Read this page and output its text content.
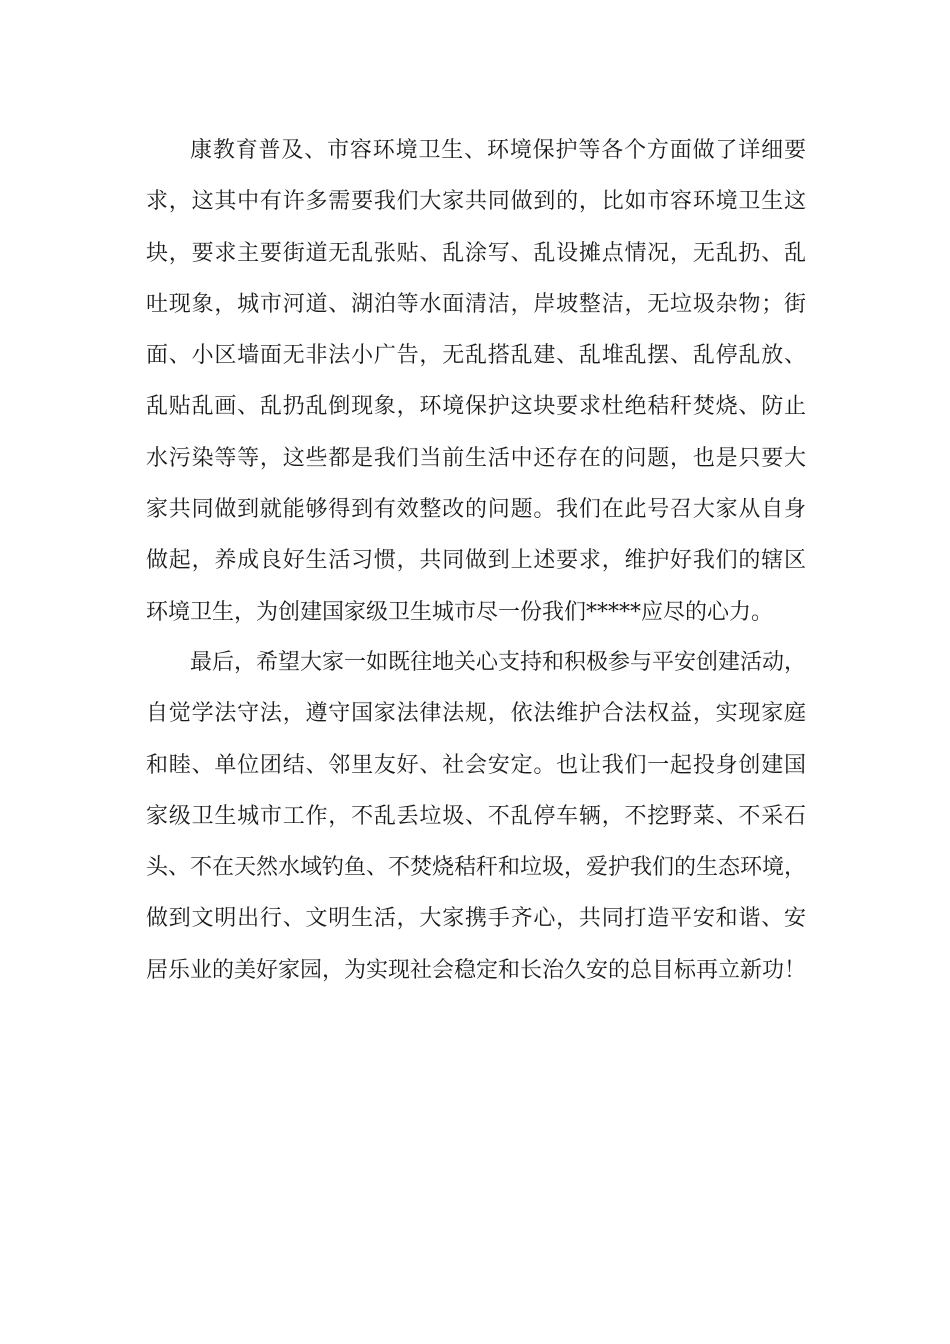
康教育普及、市容环境卫生、环境保护等各个方面做了详细要
求，这其中有许多需要我们大家共同做到的，比如市容环境卫生这
块，要求主要街道无乱张贴、乱涂写、乱设摊点情况，无乱扔、乱
吐现象，城市河道、湖泊等水面清洁，岸坡整洁，无垃圾杂物；街
面、小区墙面无非法小广告，无乱搭乱建、乱堆乱摆、乱停乱放、
乱贴乱画、乱扔乱倒现象，环境保护这块要求杜绝秸秆焚烧、防止
水污染等等，这些都是我们当前生活中还存在的问题，也是只要大
家共同做到就能够得到有效整改的问题。我们在此号召大家从自身
做起，养成良好生活习惯，共同做到上述要求，维护好我们的辖区
环境卫生，为创建国家级卫生城市尽一份我们*****应尽的心力。

最后，希望大家一如既往地关心支持和积极参与平安创建活动，
自觉学法守法，遵守国家法律法规，依法维护合法权益，实现家庭
和睦、单位团结、邻里友好、社会安定。也让我们一起投身创建国
家级卫生城市工作，不乱丢垃圾、不乱停车辆，不挖野菜、不采石
头、不在天然水域钓鱼、不焚烧秸秆和垃圾，爱护我们的生态环境，
做到文明出行、文明生活，大家携手齐心，共同打造平安和谐、安
居乐业的美好家园，为实现社会稳定和长治久安的总目标再立新功！
